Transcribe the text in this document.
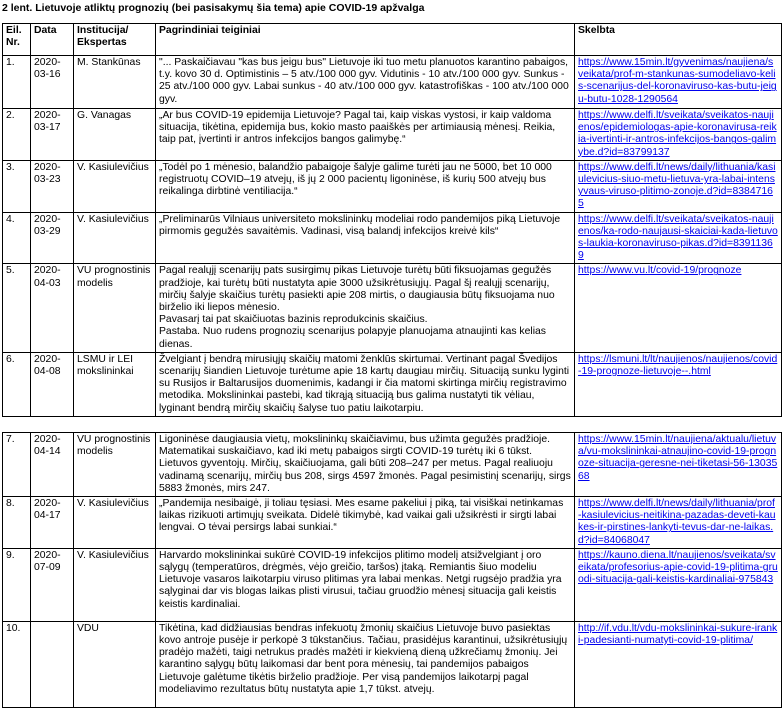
2 lent. Lietuvoje atliktų prognozių (bei pasisakymų šia tema) apie COVID-19 apžvalga
Eil. Nr.	Data	Institucija/ Ekspertas	Pagrindiniai teiginiai	Skelbta
1.	2020-03-16	M. Stankūnas	"... Paskaičiavau "kas bus jeigu bus" Lietuvoje iki tuo metu planuotos karantino pabaigos, t.y. kovo 30 d. Optimistinis – 5 atv./100 000 gyv. Vidutinis - 10 atv./100 000 gyv. Sunkus - 25 atv./100 000 gyv. Labai sunkus - 40 atv./100 000 gyv. katastrofiškas - 100 atv./100 000 gyv.	https://www.15min.lt/gyvenimas/naujiena/sveikata/prof-m-stankunas-sumodeliavo-kelis-scenarijus-del-koronaviruso-kas-butu-jeigu-butu-1028-1290564
2.	2020-03-17	G. Vanagas	„Ar bus COVID-19 epidemija Lietuvoje? Pagal tai, kaip viskas vystosi, ir kaip valdoma situacija, tikėtina, epidemija bus, kokio masto paaiškės per artimiausią mėnesį. Reikia, taip pat, įvertinti ir antros infekcijos bangos galimybę.“	https://www.delfi.lt/sveikata/sveikatos-naujienos/epidemiologas-apie-koronavirusa-reikia-ivertinti-ir-antros-infekcijos-bangos-galimybe.d?id=83799137
3.	2020-03-23	V. Kasiulevičius	„Todėl po 1 mėnesio, balandžio pabaigoje šalyje galime turėti jau ne 5000, bet 10 000 registruotų COVID–19 atvejų, iš jų 2 000 pacientų ligoninėse, iš kurių 500 atvejų bus reikalinga dirbtinė ventiliacija.“	https://www.delfi.lt/news/daily/lithuania/kasiulevicius-siuo-metu-lietuva-yra-labai-intensyvaus-viruso-plitimo-zonoje.d?id=83847165
4.	2020-03-29	V. Kasiulevičius	„Preliminarūs Vilniaus universiteto mokslininkų modeliai rodo pandemijos piką Lietuvoje pirmomis gegužės savaitėmis. Vadinasi, visą balandį infekcijos kreivė kils“	https://www.delfi.lt/sveikata/sveikatos-naujienos/ka-rodo-naujausi-skaiciai-kada-lietuvos-laukia-koronaviruso-pikas.d?id=83911369
5.	2020-04-03	VU prognostinis modelis	Pagal realųjį scenarijų pats susirgimų pikas Lietuvoje turėtų būti fiksuojamas gegužės pradžioje, kai turėtų būti nustatyta apie 3000 užsikrėtusiųjų. Pagal šį realųjį scenarijų, mirčių šalyje skaičius turėtų pasiekti apie 208 mirtis, o daugiausia būtų fiksuojama nuo birželio iki liepos mėnesio.
Pavasarį tai pat skaičiuotas bazinis reprodukcinis skaičius.
Pastaba. Nuo rudens prognozių scenarijus polapyje planuojama atnaujinti kas kelias dienas.	https://www.vu.lt/covid-19/prognoze
6.	2020-04-08	LSMU ir LEI mokslininkai	Žvelgiant į bendrą mirusiųjų skaičių matomi ženklūs skirtumai. Vertinant pagal Švedijos scenarijų šiandien Lietuvoje turėtume apie 18 kartų daugiau mirčių. Situaciją sunku lyginti su Rusijos ir Baltarusijos duomenimis, kadangi ir čia matomi skirtinga mirčių registravimo metodika. Mokslininkai pastebi, kad tikrąją situaciją bus galima nustatyti tik vėliau, lyginant bendrą mirčių skaičių šalyse tuo patiu laikotarpiu.	https://lsmuni.lt/lt/naujienos/naujienos/covid-19-prognoze-lietuvoje--.html
7.	2020-04-14	VU prognostinis modelis	Ligoninėse daugiausia vietų, mokslininkų skaičiavimu, bus užimta gegužės pradžioje. Matematikai suskaičiavo, kad iki metų pabaigos sirgti COVID-19 turėtų iki 6 tūkst. Lietuvos gyventojų. Mirčių, skaičiuojama, gali būti 208–247 per metus. Pagal realiuoju vadinamą scenarijų, mirčių bus 208, sirgs 4597 žmonės. Pagal pesimistinį scenarijų, sirgs 5883 žmonės, mirs 247.	https://www.15min.lt/naujiena/aktualu/lietuva/vu-mokslininkai-atnaujino-covid-19-prognoze-situacija-geresne-nei-tiketasi-56-1303568
8.	2020-04-17	V. Kasiulevičius	„Pandemija nesibaigė, ji toliau tęsiasi. Mes esame pakeliui į piką, tai visiškai netinkamas laikas rizikuoti artimųjų sveikata. Didelė tikimybė, kad vaikai gali užsikrėsti ir sirgti labai lengvai. O tėvai persirgs labai sunkiai.“	https://www.delfi.lt/news/daily/lithuania/prof-kasiulevicius-neitikina-pazadas-deveti-kaukes-ir-pirstines-lankyti-tevus-dar-ne-laikas.d?id=84068047
9.	2020-07-09	V. Kasiulevičius	Harvardo mokslininkai sukūrė COVID-19 infekcijos plitimo modelį atsižvelgiant į oro sąlygų (temperatūros, drėgmės, vėjo greičio, taršos) įtaką. Remiantis šiuo modeliu Lietuvoje vasaros laikotarpiu viruso plitimas yra labai menkas. Netgi rugsėjo pradžia yra sąlyginai dar vis blogas laikas plisti virusui, tačiau gruodžio mėnesį situacija gali keistis keistis kardinaliai.	https://kauno.diena.lt/naujienos/sveikata/sveikata/profesorius-apie-covid-19-plitima-gruodi-situacija-gali-keistis-kardinaliai-975843
10.		VDU	Tikėtina, kad didžiausias bendras infekuotų žmonių skaičius Lietuvoje buvo pasiektas kovo antroje pusėje ir perkopė 3 tūkstančius. Tačiau, prasidėjus karantinui, užsikrėtusiųjų pradėjo mažėti, taigi netrukus pradės mažėti ir kiekvieną dieną užkrečiamų žmonių. Jei karantino sąlygų būtų laikomasi dar bent pora mėnesių, tai pandemijos pabaigos Lietuvoje galėtume tikėtis birželio pradžioje. Per visą pandemijos laikotarpį pagal modeliavimo rezultatus būtų nustatyta apie 1,7 tūkst. atvejų.	http://if.vdu.lt/vdu-mokslininkai-sukure-iranki-padesianti-numatyti-covid-19-plitima/
